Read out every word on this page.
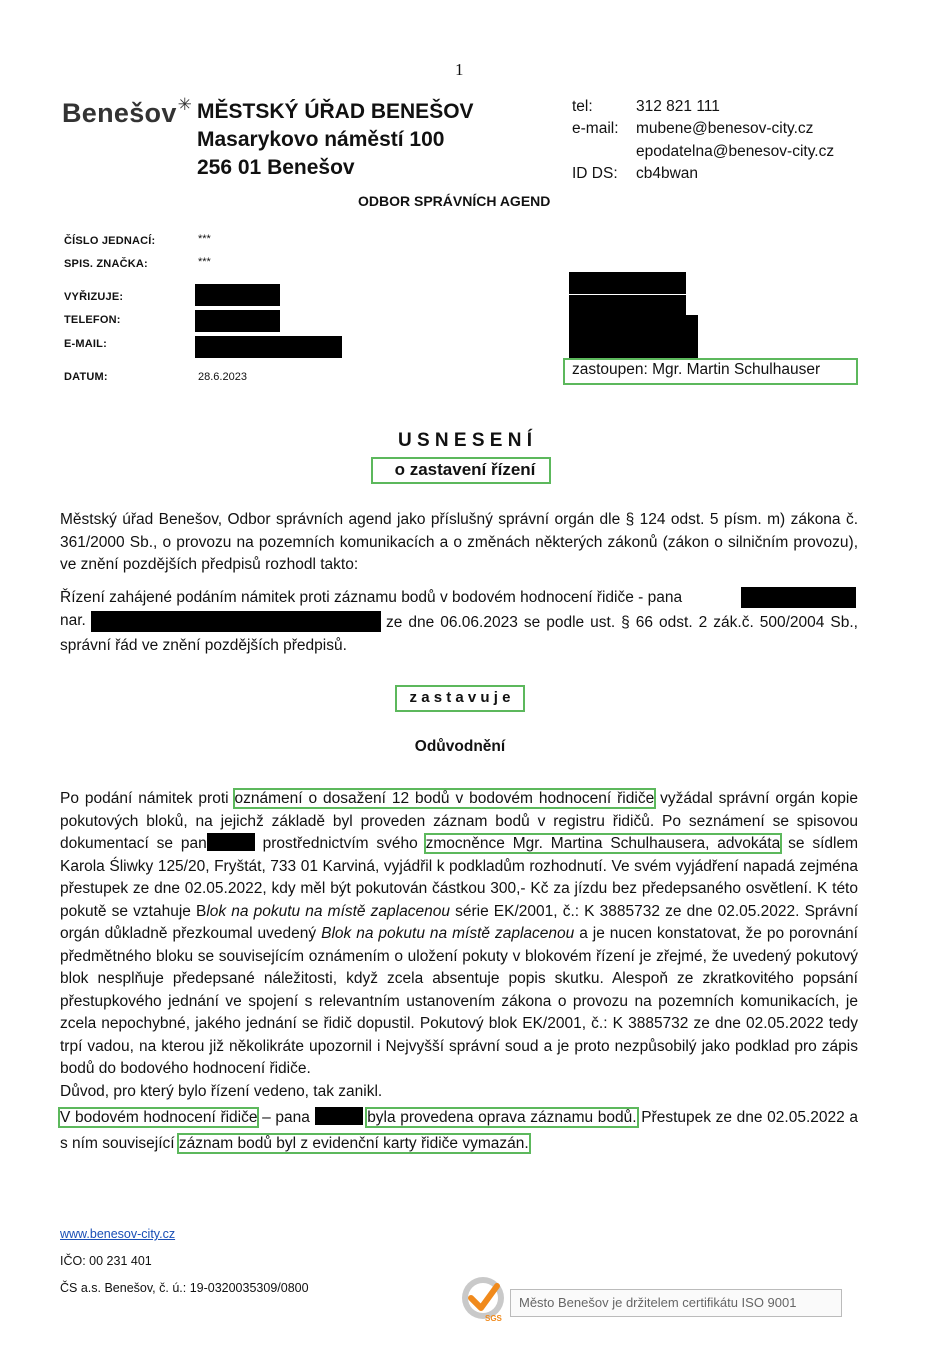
1
Benešov✳ MĚSTSKÝ ÚŘAD BENEŠOV
Masarykovo náměstí 100
256 01 Benešov
ODBOR SPRÁVNÍCH AGEND
tel:	312 821 111
e-mail: mubene@benesov-city.cz
epodatelna@benesov-city.cz
ID DS: cb4bwan
ČÍSLO JEDNACÍ:	***
SPIS. ZNAČKA:	***
VYŘIZUJE:
TELEFON:
E-MAIL:
DATUM:	28.6.2023	zastoupen: Mgr. Martin Schulhauser
U S N E S E N Í
o zastavení řízení

Městský úřad Benešov, Odbor správních agend jako příslušný správní orgán dle § 124 odst. 5 písm. m) zákona č. 361/2000 Sb., o provozu na pozemních komunikacích a o změnách některých zákonů (zákon o silničním provozu), ve znění pozdějších předpisů rozhodl takto:

Řízení zahájené podáním námitek proti záznamu bodů v bodovém hodnocení řidiče - pana
nar.	ze dne 06.06.2023 se podle ust. § 66 odst. 2 zák.č. 500/2004 Sb., správní řád ve znění pozdějších předpisů.
z a s t a v u j e
Odůvodnění

Po podání námitek proti oznámení o dosažení 12 bodů v bodovém hodnocení řidiče vyžádal správní orgán kopie pokutových bloků, na jejichž základě byl proveden záznam bodů v registru řidičů. Po seznámení se spisovou dokumentací se pan	prostřednictvím svého zmocněnce Mgr. Martina Schulhausera, advokáta se sídlem Karola Śliwky 125/20, Fryštát, 733 01 Karviná, vyjádřil k podkladům rozhodnutí. Ve svém vyjádření napadá zejména přestupek ze dne 02.05.2022, kdy měl být pokutován částkou 300,- Kč za jízdu bez předepsaného osvětlení. K této pokutě se vztahuje Blok na pokutu na místě zaplacenou série EK/2001, č.: K 3885732 ze dne 02.05.2022. Správní orgán důkladně přezkoumal uvedený Blok na pokutu na místě zaplacenou a je nucen konstatovat, že po porovnání předmětného bloku se souvisejícím oznámením o uložení pokuty v blokovém řízení je zřejmé, že uvedený pokutový blok nesplňuje předepsané náležitosti, když zcela absentuje popis skutku. Alespoň ze zkratkovitého popsání přestupkového jednání ve spojení s relevantním ustanovením zákona o provozu na pozemních komunikacích, je zcela nepochybné, jakého jednání se řidič dopustil. Pokutový blok EK/2001, č.: K 3885732 ze dne 02.05.2022 tedy trpí vadou, na kterou již několikráte upozornil i Nejvyšší správní soud a je proto nezpůsobilý jako podklad pro zápis bodů do bodového hodnocení řidiče.

Důvod, pro který bylo řízení vedeno, tak zanikl.

V bodovém hodnocení řidiče – pana	byla provedena oprava záznamu bodů. Přestupek ze dne 02.05.2022 a s ním související záznam bodů byl z evidenční karty řidiče vymazán.

www.benesov-city.cz
IČO: 00 231 401
ČS a.s. Benešov, č. ú.: 19-0320035309/0800
SGS
Město Benešov je držitelem certifikátu ISO 9001
